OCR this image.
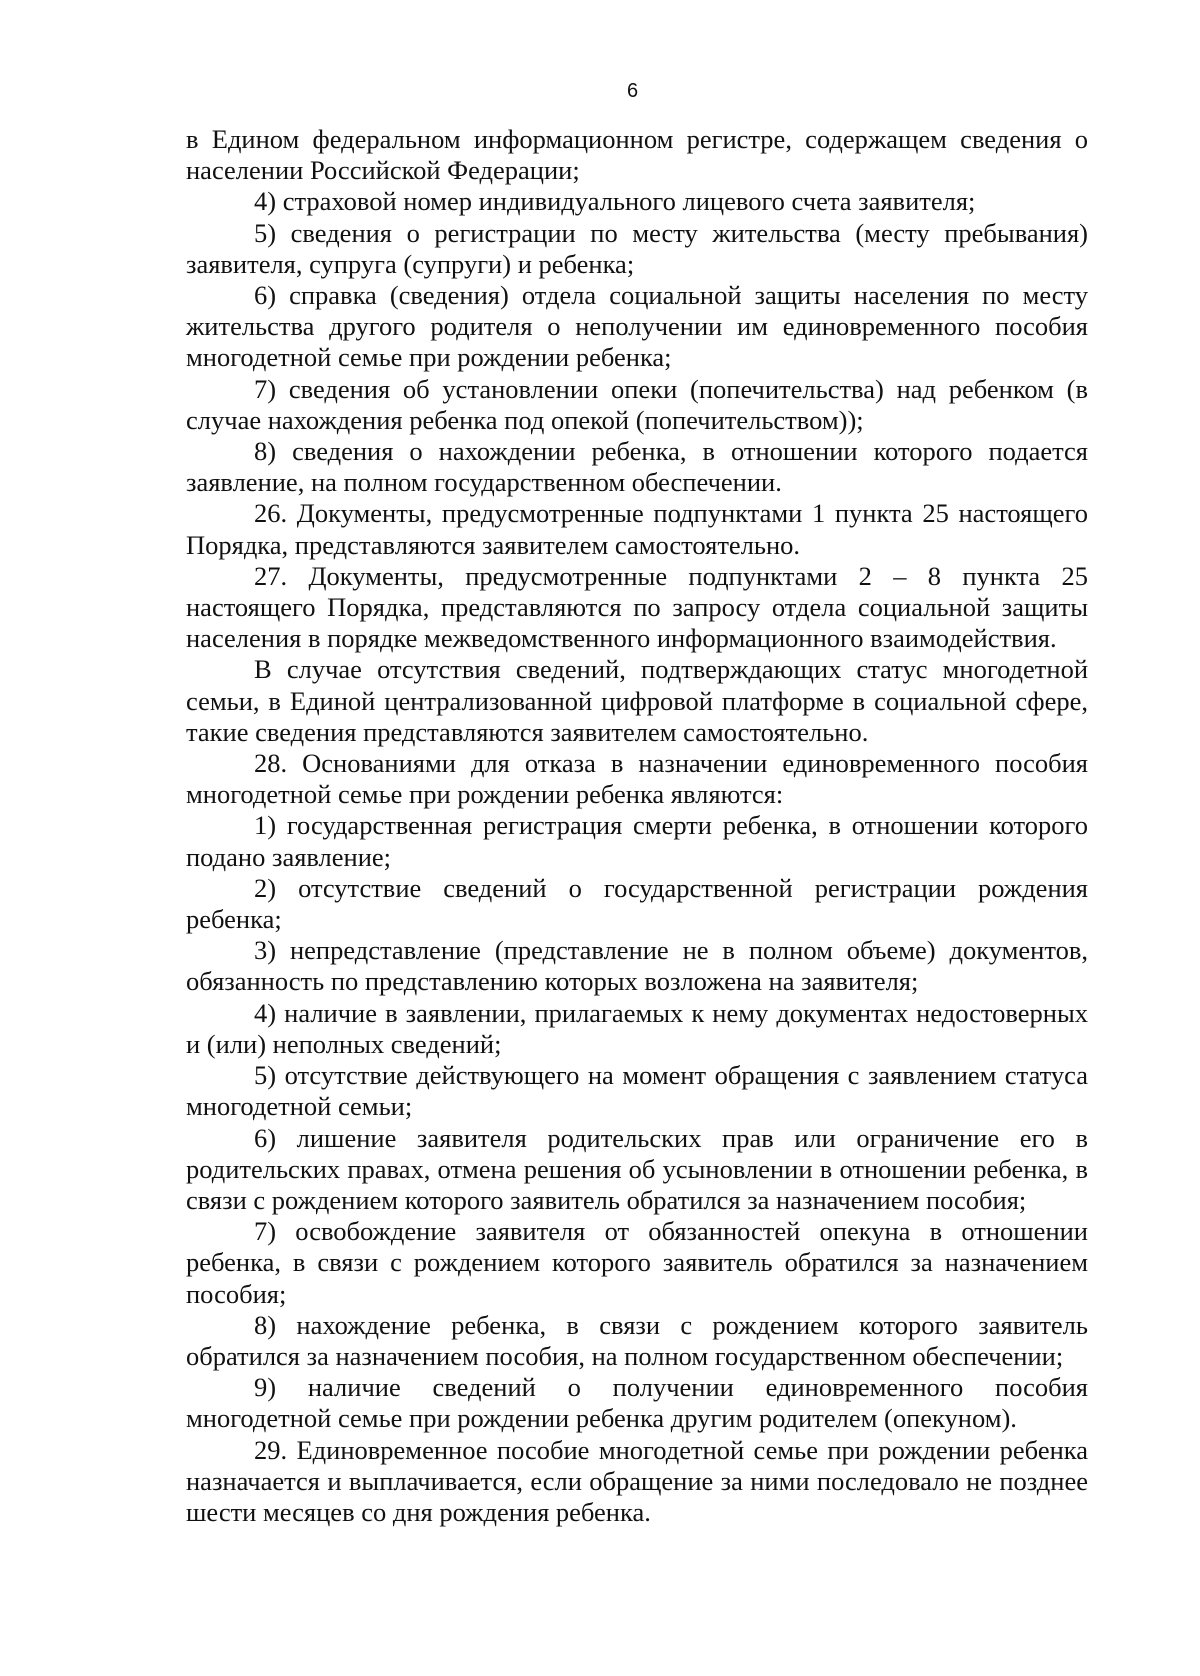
6

в Едином федеральном информационном регистре, содержащем сведения о населении Российской Федерации;

4) страховой номер индивидуального лицевого счета заявителя;

5) сведения о регистрации по месту жительства (месту пребывания) заявителя, супруга (супруги) и ребенка;

6) справка (сведения) отдела социальной защиты населения по месту жительства другого родителя о неполучении им единовременного пособия многодетной семье при рождении ребенка;

7) сведения об установлении опеки (попечительства) над ребенком (в случае нахождения ребенка под опекой (попечительством));

8) сведения о нахождении ребенка, в отношении которого подается заявление, на полном государственном обеспечении.

26. Документы, предусмотренные подпунктами 1 пункта 25 настоящего Порядка, представляются заявителем самостоятельно.

27. Документы, предусмотренные подпунктами 2 – 8 пункта 25 настоящего Порядка, представляются по запросу отдела социальной защиты населения в порядке межведомственного информационного взаимодействия.

В случае отсутствия сведений, подтверждающих статус многодетной семьи, в Единой централизованной цифровой платформе в социальной сфере, такие сведения представляются заявителем самостоятельно.

28. Основаниями для отказа в назначении единовременного пособия многодетной семье при рождении ребенка являются:

1) государственная регистрация смерти ребенка, в отношении которого подано заявление;

2) отсутствие сведений о государственной регистрации рождения ребенка;

3) непредставление (представление не в полном объеме) документов, обязанность по представлению которых возложена на заявителя;

4) наличие в заявлении, прилагаемых к нему документах недостоверных и (или) неполных сведений;

5) отсутствие действующего на момент обращения с заявлением статуса многодетной семьи;

6) лишение заявителя родительских прав или ограничение его в родительских правах, отмена решения об усыновлении в отношении ребенка, в связи с рождением которого заявитель обратился за назначением пособия;

7) освобождение заявителя от обязанностей опекуна в отношении ребенка, в связи с рождением которого заявитель обратился за назначением пособия;

8) нахождение ребенка, в связи с рождением которого заявитель обратился за назначением пособия, на полном государственном обеспечении;

9) наличие сведений о получении единовременного пособия многодетной семье при рождении ребенка другим родителем (опекуном).

29. Единовременное пособие многодетной семье при рождении ребенка назначается и выплачивается, если обращение за ними последовало не позднее шести месяцев со дня рождения ребенка.
